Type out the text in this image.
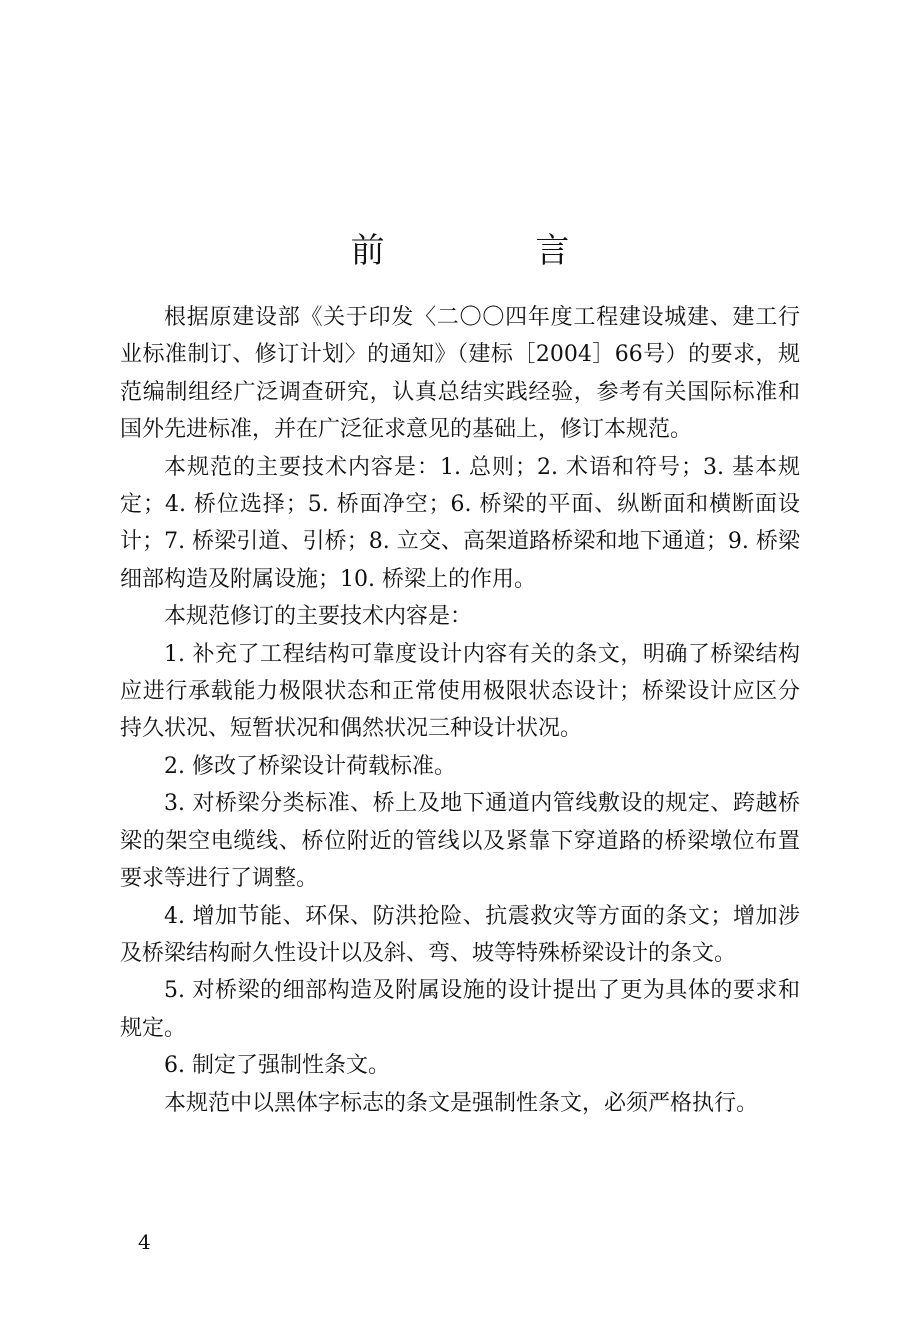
前 言

根据原建设部《关于印发〈二〇〇四年度工程建设城建、建工行业标准制订、修订计划〉的通知》（建标［2004］66号）的要求，规范编制组经广泛调查研究，认真总结实践经验，参考有关国际标准和国外先进标准，并在广泛征求意见的基础上，修订本规范。

本规范的主要技术内容是：1. 总则；2. 术语和符号；3. 基本规定；4. 桥位选择；5. 桥面净空；6. 桥梁的平面、纵断面和横断面设计；7. 桥梁引道、引桥；8. 立交、高架道路桥梁和地下通道；9. 桥梁细部构造及附属设施；10. 桥梁上的作用。

本规范修订的主要技术内容是：

1. 补充了工程结构可靠度设计内容有关的条文，明确了桥梁结构应进行承载能力极限状态和正常使用极限状态设计；桥梁设计应区分持久状况、短暂状况和偶然状况三种设计状况。

2. 修改了桥梁设计荷载标准。

3. 对桥梁分类标准、桥上及地下通道内管线敷设的规定、跨越桥梁的架空电缆线、桥位附近的管线以及紧靠下穿道路的桥梁墩位布置要求等进行了调整。

4. 增加节能、环保、防洪抢险、抗震救灾等方面的条文；增加涉及桥梁结构耐久性设计以及斜、弯、坡等特殊桥梁设计的条文。

5. 对桥梁的细部构造及附属设施的设计提出了更为具体的要求和规定。

6. 制定了强制性条文。

本规范中以黑体字标志的条文是强制性条文，必须严格执行。

4
